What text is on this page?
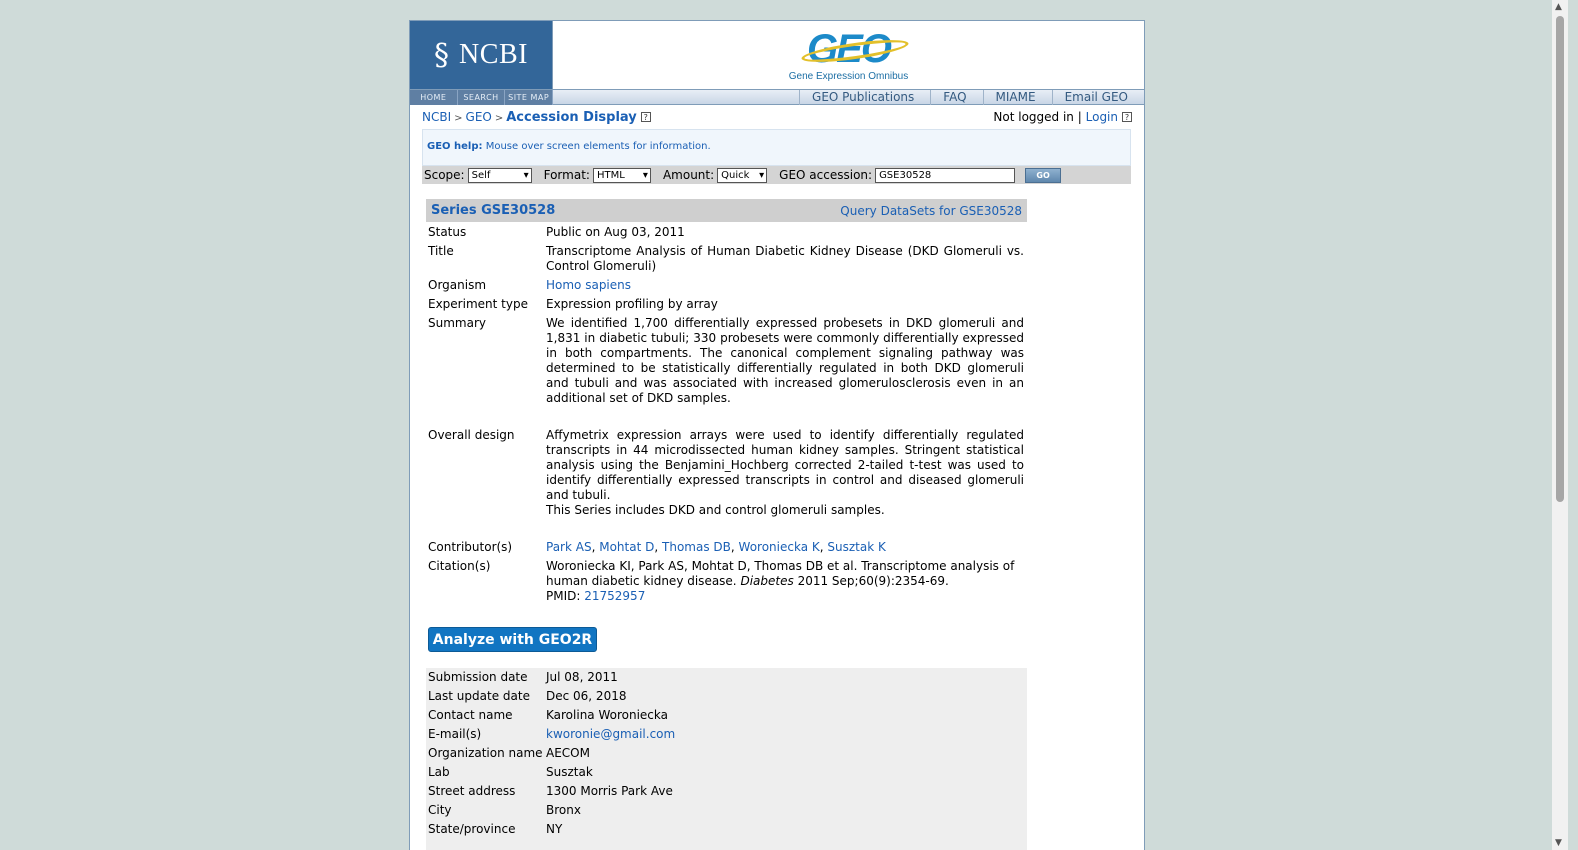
§ NCBI	GEO
Gene Expression Omnibus
HOME	SEARCH	SITE MAP	GEO Publications	FAQ	MIAME	Email GEO
NCBI > GEO > Accession Display ?	Not logged in | Login ?
GEO help: Mouse over screen elements for information.
Scope: Self ▾	Format: HTML ▾	Amount: Quick ▾	GEO accession: GSE30528	GO
Series GSE30528	Query DataSets for GSE30528
Status	Public on Aug 03, 2011
Title	Transcriptome Analysis of Human Diabetic Kidney Disease (DKD Glomeruli vs. Control Glomeruli)
Organism	Homo sapiens
Experiment type	Expression profiling by array
Summary	We identified 1,700 differentially expressed probesets in DKD glomeruli and 1,831 in diabetic tubuli; 330 probesets were commonly differentially expressed in both compartments. The canonical complement signaling pathway was determined to be statistically differentially regulated in both DKD glomeruli and tubuli and was associated with increased glomerulosclerosis even in an additional set of DKD samples.
Overall design	Affymetrix expression arrays were used to identify differentially regulated transcripts in 44 microdissected human kidney samples. Stringent statistical analysis using the Benjamini_Hochberg corrected 2-tailed t-test was used to identify differentially expressed transcripts in control and diseased glomeruli and tubuli.
This Series includes DKD and control glomeruli samples.
Contributor(s)	Park AS, Mohtat D, Thomas DB, Woroniecka K, Susztak K
Citation(s)	Woroniecka KI, Park AS, Mohtat D, Thomas DB et al. Transcriptome analysis of human diabetic kidney disease. Diabetes 2011 Sep;60(9):2354-69.
PMID: 21752957
Analyze with GEO2R
Submission date	Jul 08, 2011
Last update date	Dec 06, 2018
Contact name	Karolina Woroniecka
E-mail(s)	kworonie@gmail.com
Organization name AECOM
Lab	Susztak
Street address	1300 Morris Park Ave
City	Bronx
State/province	NY
▲
▼
